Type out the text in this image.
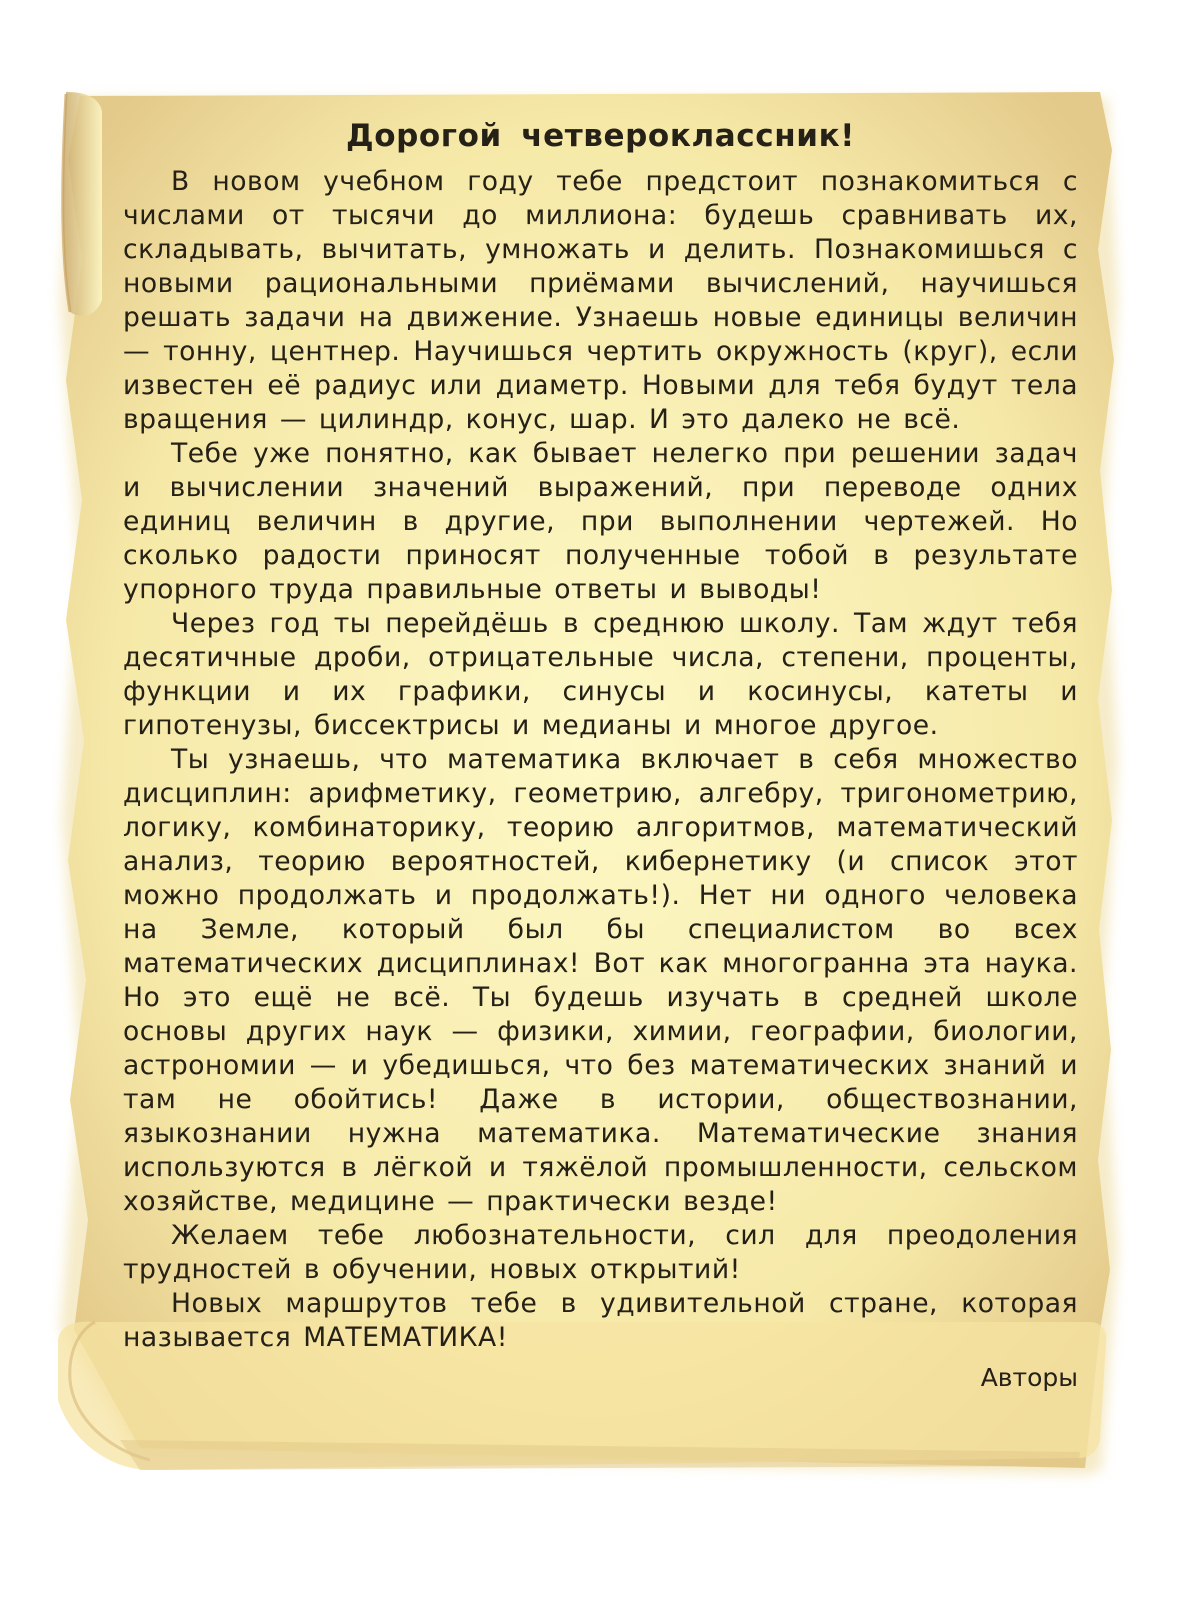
Дорогой четвероклассник!

В новом учебном году тебе предстоит познакомиться с числами от тысячи до миллиона: будешь сравнивать их, складывать, вычитать, умножать и делить. Познакомишься с новыми рациональными приёмами вычислений, научишься решать задачи на движение. Узнаешь новые единицы величин — тонну, центнер. Научишься чертить окружность (круг), если известен её радиус или диаметр. Новыми для тебя будут тела вращения — цилиндр, конус, шар. И это далеко не всё.

Тебе уже понятно, как бывает нелегко при решении задач и вычислении значений выражений, при переводе одних единиц величин в другие, при выполнении чертежей. Но сколько радости приносят полученные тобой в результате упорного труда правильные ответы и выводы!

Через год ты перейдёшь в среднюю школу. Там ждут тебя десятичные дроби, отрицательные числа, степени, проценты, функции и их графики, синусы и косинусы, катеты и гипотенузы, биссектрисы и медианы и многое другое.

Ты узнаешь, что математика включает в себя множество дисциплин: арифметику, геометрию, алгебру, тригонометрию, логику, комбинаторику, теорию алгоритмов, математический анализ, теорию вероятностей, кибернетику (и список этот можно продолжать и продолжать!). Нет ни одного человека на Земле, который был бы специалистом во всех математических дисциплинах! Вот как многогранна эта наука. Но это ещё не всё. Ты будешь изучать в средней школе основы других наук — физики, химии, географии, биологии, астрономии — и убедишься, что без математических знаний и там не обойтись! Даже в истории, обществознании, языкознании нужна математика. Математические знания используются в лёгкой и тяжёлой промышленности, сельском хозяйстве, медицине — практически везде!

Желаем тебе любознательности, сил для преодоления трудностей в обучении, новых открытий!

Новых маршрутов тебе в удивительной стране, которая называется МАТЕМАТИКА!

Авторы
